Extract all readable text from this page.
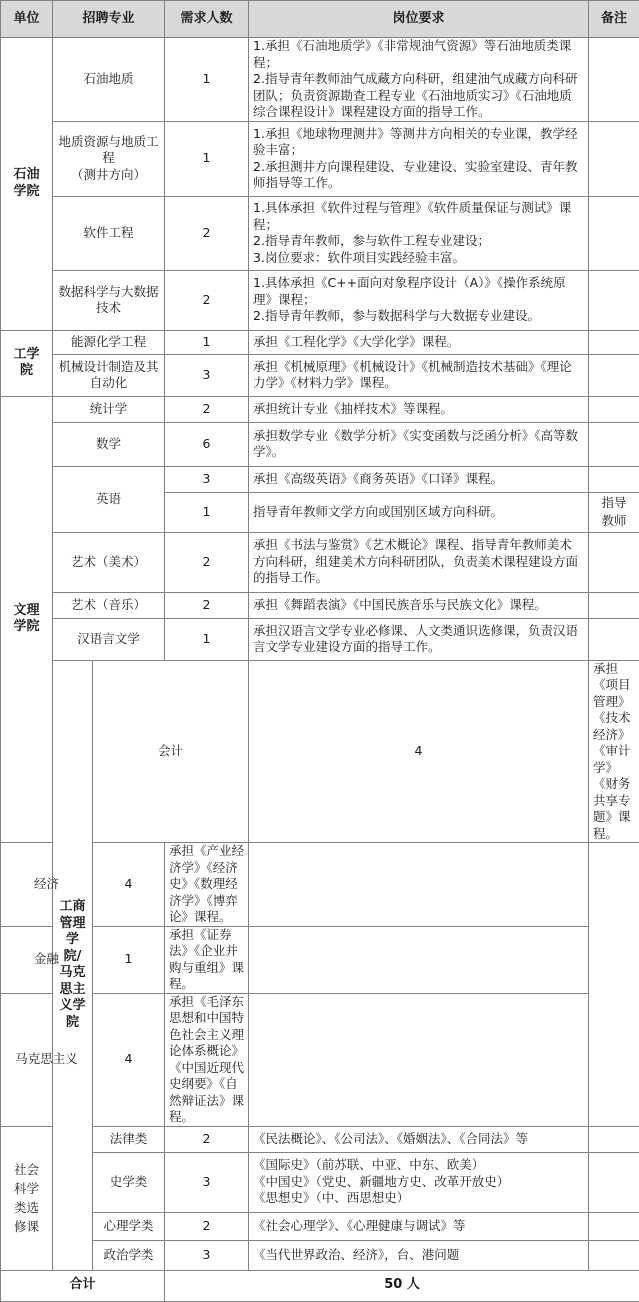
单位	招聘专业		需求人数	岗位要求	备注	

石油学院	石油地质		1	1.承担《石油地质学》《非常规油气资源》等石油地质类课程；
2.指导青年教师油气成藏方向科研，组建油气成藏方向科研团队；负责资源勘查工程专业《石油地质实习》《石油地质综合课程设计》课程建设方面的指导工作。		
	地质资源与地质工程
（测井方向）		1	1.承担《地球物理测井》等测井方向相关的专业课，教学经验丰富；
2.承担测井方向课程建设、专业建设、实验室建设、青年教师指导等工作。		
	软件工程		2	1.具体承担《软件过程与管理》《软件质量保证与测试》课程；
2.指导青年教师，参与软件工程专业建设；
3.岗位要求：软件项目实践经验丰富。		
	数据科学与大数据技术		2	1.具体承担《C++面向对象程序设计（A）》《操作系统原理》课程；
2.指导青年教师，参与数据科学与大数据专业建设。		

工学院	能源化学工程		1	承担《工程化学》《大学化学》课程。		
	机械设计制造及其自动化		3	承担《机械原理》《机械设计》《机械制造技术基础》《理论力学》《材料力学》课程。		

文理学院	统计学		2	承担统计专业《抽样技术》等课程。		
	数学		6	承担数学专业《数学分析》《实变函数与泛函分析》《高等数学》。		
	英语		3	承担《高级英语》《商务英语》《口译》课程。		
			1	指导青年教师文学方向或国别区域方向科研。	指导教师	

	艺术（美术）		2	承担《书法与鉴赏》《艺术概论》课程、指导青年教师美术方向科研，组建美术方向科研团队，负责美术课程建设方面的指导工作。		
	艺术（音乐）		2	承担《舞蹈表演》《中国民族音乐与民族文化》课程。		
	汉语言文学		1	承担汉语言文学专业必修课、人文类通识选修课，负责汉语言文学专业建设方面的指导工作。		

	工商管理学院/马克思主义学院	会计		4	承担《项目管理》《技术经济》《审计学》《财务共享专题》课程。	
经济		4	承担《产业经济学》《经济史》《数理经济学》《博弈论》课程。			
金融		1	承担《证券法》《企业并购与重组》课程。			
马克思主义		4	承担《毛泽东思想和中国特色社会主义理论体系概论》《中国近现代史纲要》《自然辩证法》课程。			

社会科学类选修课		法律类	2	《民法概论》、《公司法》、《婚姻法》、《合同法》等		
		史学类	3	《国际史》（前苏联、中亚、中东、欧美）
《中国史》（党史、新疆地方史、改革开放史）
《思想史》（中、西思想史）		
		心理学类	2	《社会心理学》、《心理健康与调试》等		
		政治学类	3	《当代世界政治、经济》，台、港问题		
合计			50 人			
